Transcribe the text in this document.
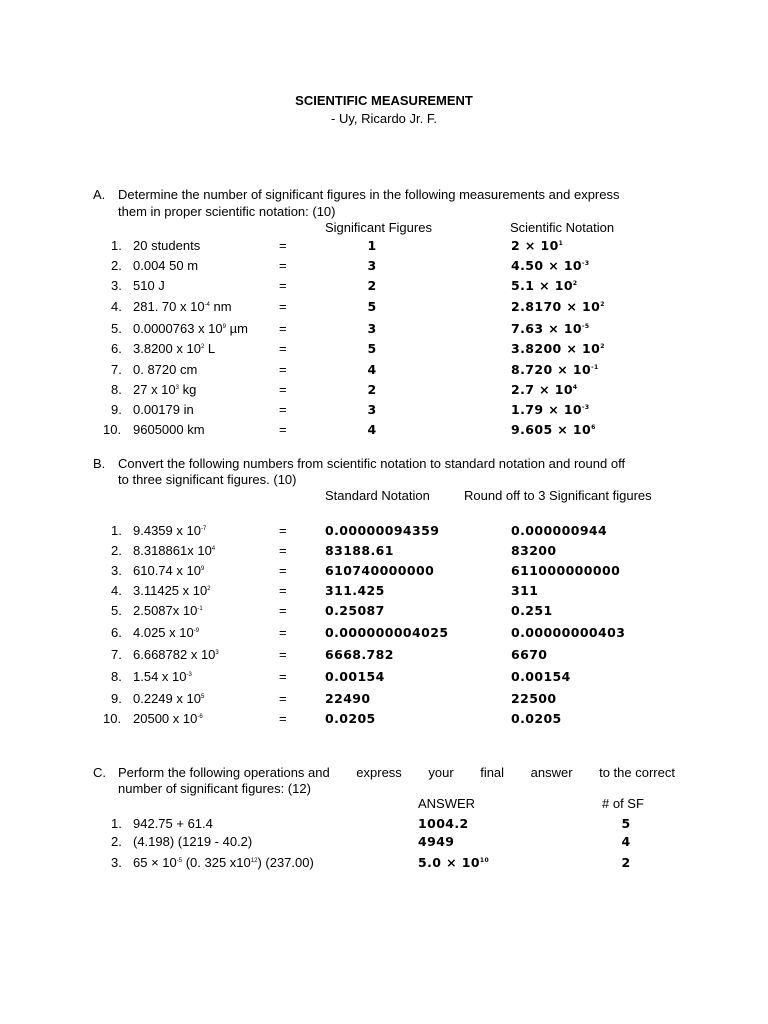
SCIENTIFIC MEASUREMENT
- Uy, Ricardo Jr. F.
A. Determine the number of significant figures in the following measurements and express
them in proper scientific notation: (10)
Significant Figures	Scientific Notation
1. 20 students	=	1	$2 \times 10^1$
2. 0.004 50 m	=	3	$4.50 \times 10^{-3}$
3. 510 J	=	2	$5.1 \times 10^2$
4. 281. 70 x $10^{-4}$ nm	=	5	$2.8170 \times 10^2$
5. 0.0000763 x $10^9$ µm =	3	$7.63 \times 10^{-5}$
6. 3.8200 x $10^2$ L	=	5	$3.8200 \times 10^2$
7. 0. 8720 cm	=	4	$8.720 \times 10^{-1}$
8. 27 x $10^3$ kg	=	2	$2.7 \times 10^4$
9. 0.00179 in	=	3	$1.79 \times 10^{-3}$
10. 9605000 km	=	4	$9.605 \times 10^6$
B. Convert the following numbers from scientific notation to standard notation and round off
to three significant figures. (10)
Standard Notation	Round off to 3 Significant figures
1. 9.4359 x $10^{-7}$	=	0.00000094359	0.000000944
2. 8.318861x $10^4$	=	83188.61	83200
3. 610.74 x $10^9$	=	610740000000	611000000000
4. 3.11425 x $10^2$	=	311.425	311
5. 2.5087x $10^{-1}$	=	0.25087	0.251
6. 4.025 x $10^{-9}$	=	0.000000004025	0.00000000403
7. 6.668782 x $10^3$	=	6668.782	6670
8. 1.54 x $10^{-3}$	=	0.00154	0.00154
9. 0.2249 x $10^5$	=	22490	22500
10. 20500 x $10^{-6}$	=	0.0205	0.0205
C. Perform the following operations and express your final answer to the correct
number of significant figures: (12)
ANSWER	# of SF
1. 942.75 + 61.4	1004.2	5
2. (4.198) (1219 - 40.2)	4949	4
3. $65 \times 10^{-5}$ (0. 325 $x10^{12}$) (237.00)	$5.0 \times 10^{10}$	2
